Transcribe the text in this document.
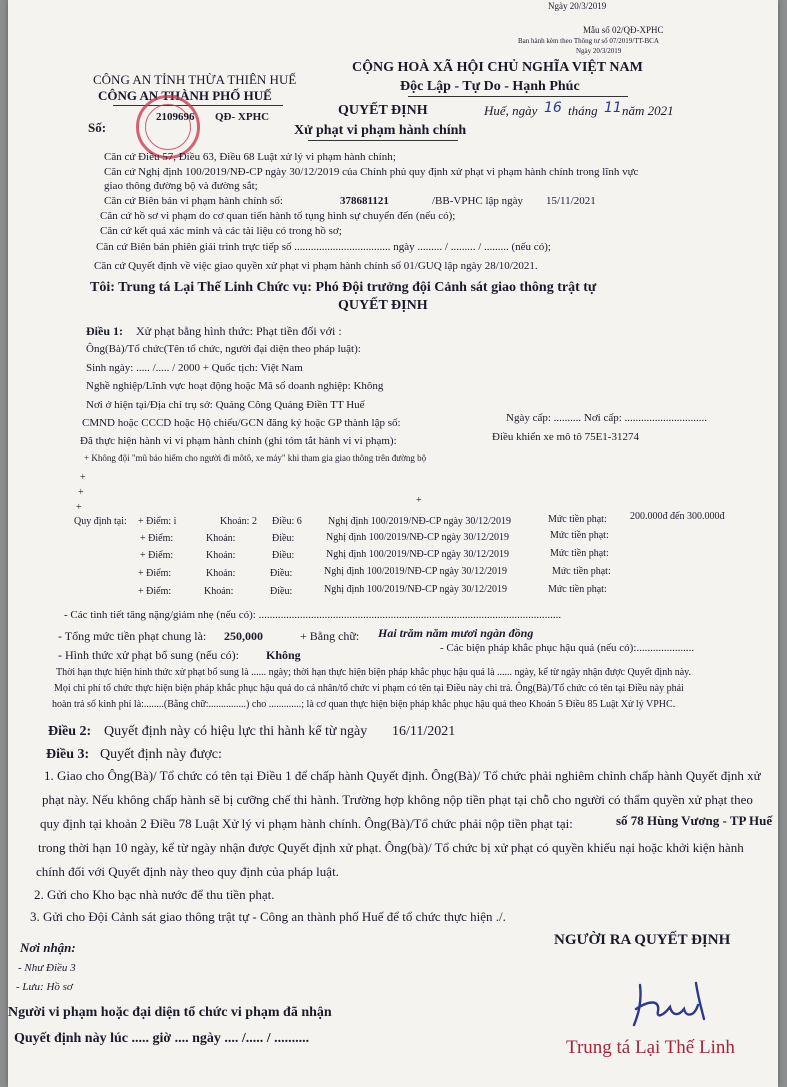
Ngày 20/3/2019
Mẫu số 02/QĐ-XPHC
Ban hành kèm theo Thông tư số 07/2019/TT-BCA
Ngày 20/3/2019
CÔNG AN TỈNH THỪA THIÊN HUẾ
CÔNG AN THÀNH PHỐ HUẾ
CỘNG HOÀ XÃ HỘI CHỦ NGHĨA VIỆT NAM
Độc Lập - Tự Do - Hạnh Phúc
Số:
2109696 QĐ- XPHC	QUYẾT ĐỊNH
Xử phạt vi phạm hành chính
Huế, ngày 16 tháng 11 năm 2021
Căn cứ Điều 57, Điều 63, Điều 68 Luật xử lý vi phạm hành chính;
Căn cứ Nghị định 100/2019/NĐ-CP ngày 30/12/2019 của Chính phủ quy định xử phạt vi phạm hành chính trong lĩnh vực
giao thông đường bộ và đường sắt;
Căn cứ Biên bản vi phạm hành chính số:	378681121	/BB-VPHC lập ngày 15/11/2021
Căn cứ hồ sơ vi phạm do cơ quan tiến hành tố tụng hình sự chuyển đến (nếu có);
Căn cứ kết quả xác minh và các tài liệu có trong hồ sơ;
Căn cứ Biên bản phiên giải trình trực tiếp số ................................... ngày ......... / ......... / ......... (nếu có);
Căn cứ Quyết định về việc giao quyền xử phạt vi phạm hành chính số 01/GUQ lập ngày 28/10/2021.
Tôi: Trung tá Lại Thế Linh Chức vụ: Phó Đội trưởng đội Cảnh sát giao thông trật tự
QUYẾT ĐỊNH
Điều 1: Xử phạt bằng hình thức: Phạt tiền đối với :
Ông(Bà)/Tổ chức(Tên tổ chức, người đại diện theo pháp luật):
Sinh ngày: ..... /..... / 2000 + Quốc tịch: Việt Nam
Nghề nghiệp/Lĩnh vực hoạt động hoặc Mã số doanh nghiệp: Không
Nơi ở hiện tại/Địa chỉ trụ sở: Quảng Công Quảng Điền TT Huế
CMND hoặc CCCD hoặc Hộ chiếu/GCN đăng ký hoặc GP thành lập số:	Ngày cấp: .......... Nơi cấp: ..............................
Đã thực hiện hành vi vi phạm hành chính (ghi tóm tắt hành vi vi phạm):	Điều khiển xe mô tô 75E1-31274
+ Không đội "mũ bảo hiểm cho người đi môtô, xe máy" khi tham gia giao thông trên đường bộ
+
+
+
+
Quy định tại: + Điểm: i	Khoản: 2 Điều: 6	Nghị định 100/2019/NĐ-CP ngày 30/12/2019	Mức tiền phạt: 200.000đ đến 300.000đ
+ Điểm:	Khoản:	Điều:	Nghị định 100/2019/NĐ-CP ngày 30/12/2019	Mức tiền phạt:
+ Điểm:	Khoản:	Điều:	Nghị định 100/2019/NĐ-CP ngày 30/12/2019	Mức tiền phạt:
+ Điểm:	Khoản:	Điều:	Nghị định 100/2019/NĐ-CP ngày 30/12/2019	Mức tiền phạt:
+ Điểm:	Khoản:	Điều:	Nghị định 100/2019/NĐ-CP ngày 30/12/2019	Mức tiền phạt:
- Các tình tiết tăng nặng/giảm nhẹ (nếu có): ..............................................................................................................
- Tổng mức tiền phạt chung là: 250,000	+ Bằng chữ: Hai trăm năm mươi ngàn đồng
- Các biện pháp khắc phục hậu quả (nếu có):.....................
- Hình thức xử phạt bổ sung (nếu có): Không
Thời hạn thực hiện hình thức xử phạt bổ sung là ...... ngày; thời hạn thực hiện biện pháp khắc phục hậu quả là ...... ngày, kể từ ngày nhận được Quyết định này.
Mọi chi phí tổ chức thực hiện biện pháp khắc phục hậu quả do cá nhân/tổ chức vi phạm có tên tại Điều này chi trả. Ông(Bà)/Tổ chức có tên tại Điều này phải
hoàn trả số kinh phí là:........(Bằng chữ:...............) cho .............; là cơ quan thực hiện biện pháp khắc phục hậu quả theo Khoản 5 Điều 85 Luật Xử lý VPHC.
Điều 2: Quyết định này có hiệu lực thi hành kể từ ngày 16/11/2021
Điều 3: Quyết định này được:
1. Giao cho Ông(Bà)/ Tổ chức có tên tại Điều 1 để chấp hành Quyết định. Ông(Bà)/ Tổ chức phải nghiêm chỉnh chấp hành Quyết định xử
phạt này. Nếu không chấp hành sẽ bị cưỡng chế thi hành. Trường hợp không nộp tiền phạt tại chỗ cho người có thẩm quyền xử phạt theo
quy định tại khoản 2 Điều 78 Luật Xử lý vi phạm hành chính. Ông(Bà)/Tổ chức phải nộp tiền phạt tại:	số 78 Hùng Vương - TP Huế
trong thời hạn 10 ngày, kể từ ngày nhận được Quyết định xử phạt. Ông(bà)/ Tổ chức bị xử phạt có quyền khiếu nại hoặc khởi kiện hành
chính đối với Quyết định này theo quy định của pháp luật.
2. Gửi cho Kho bạc nhà nước để thu tiền phạt.
3. Gửi cho Đội Cảnh sát giao thông trật tự - Công an thành phố Huế để tổ chức thực hiện ./.
Nơi nhận:
- Như Điều 3
- Lưu: Hồ sơ
NGƯỜI RA QUYẾT ĐỊNH
Người vi phạm hoặc đại diện tổ chức vi phạm đã nhận
Quyết định này lúc ..... giờ .... ngày .... /..... / ..........	Trung tá Lại Thế Linh
